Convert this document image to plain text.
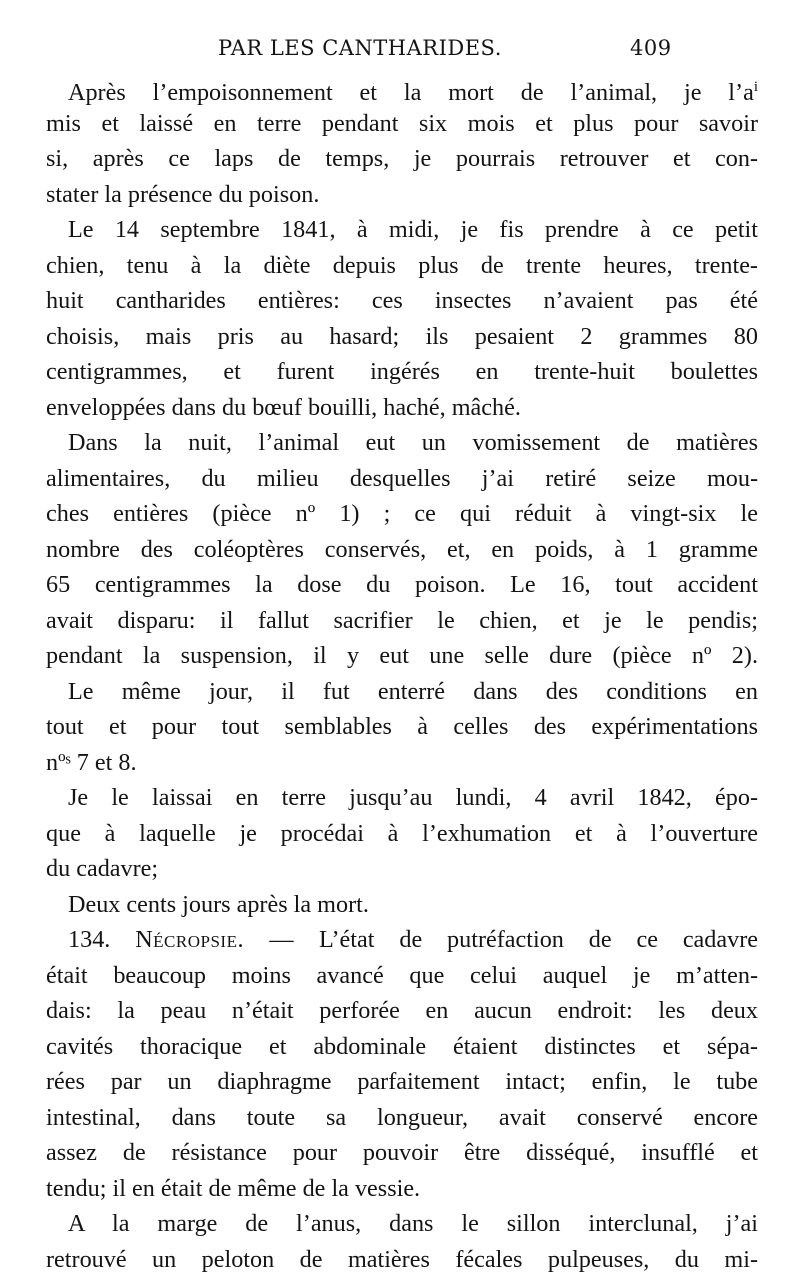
PAR LES CANTHARIDES.	409
Après l’empoisonnement et la mort de l’animal, je $l’a^i$
mis et laissé en terre pendant six mois et plus pour savoir
si, après ce laps de temps, je pourrais retrouver et con-
stater la présence du poison.
Le 14 septembre 1841, à midi, je fis prendre à ce petit
chien, tenu à la diète depuis plus de trente heures, trente-
huit cantharides entières: ces insectes n’avaient pas été
choisis, mais pris au hasard; ils pesaient 2 grammes 80
centigrammes, et furent ingérés en trente-huit boulettes
enveloppées dans du bœuf bouilli, haché, mâché.
Dans la nuit, l’animal eut un vomissement de matières
alimentaires, du milieu desquelles j’ai retiré seize mou-
ches entières (pièce nº 1) ; ce qui réduit à vingt-six le
nombre des coléoptères conservés, et, en poids, à 1 gramme
65 centigrammes la dose du poison. Le 16, tout accident
avait disparu: il fallut sacrifier le chien, et je le pendis;
pendant la suspension, il y eut une selle dure (pièce nº 2).
Le même jour, il fut enterré dans des conditions en
tout et pour tout semblables à celles des expérimentations
nºˢ 7 et 8.
Je le laissai en terre jusqu’au lundi, 4 avril 1842, épo-
que à laquelle je procédai à l’exhumation et à l’ouverture
du cadavre;
Deux cents jours après la mort.
134. Nécropsie. — L’état de putréfaction de ce cadavre
était beaucoup moins avancé que celui auquel je m’atten-
dais: la peau n’était perforée en aucun endroit: les deux
cavités thoracique et abdominale étaient distinctes et sépa-
rées par un diaphragme parfaitement intact; enfin, le tube
intestinal, dans toute sa longueur, avait conservé encore
assez de résistance pour pouvoir être disséqué, insufflé et
tendu; il en était de même de la vessie.
A la marge de l’anus, dans le sillon interclunal, j’ai
retrouvé un peloton de matières fécales pulpeuses, du mi-
